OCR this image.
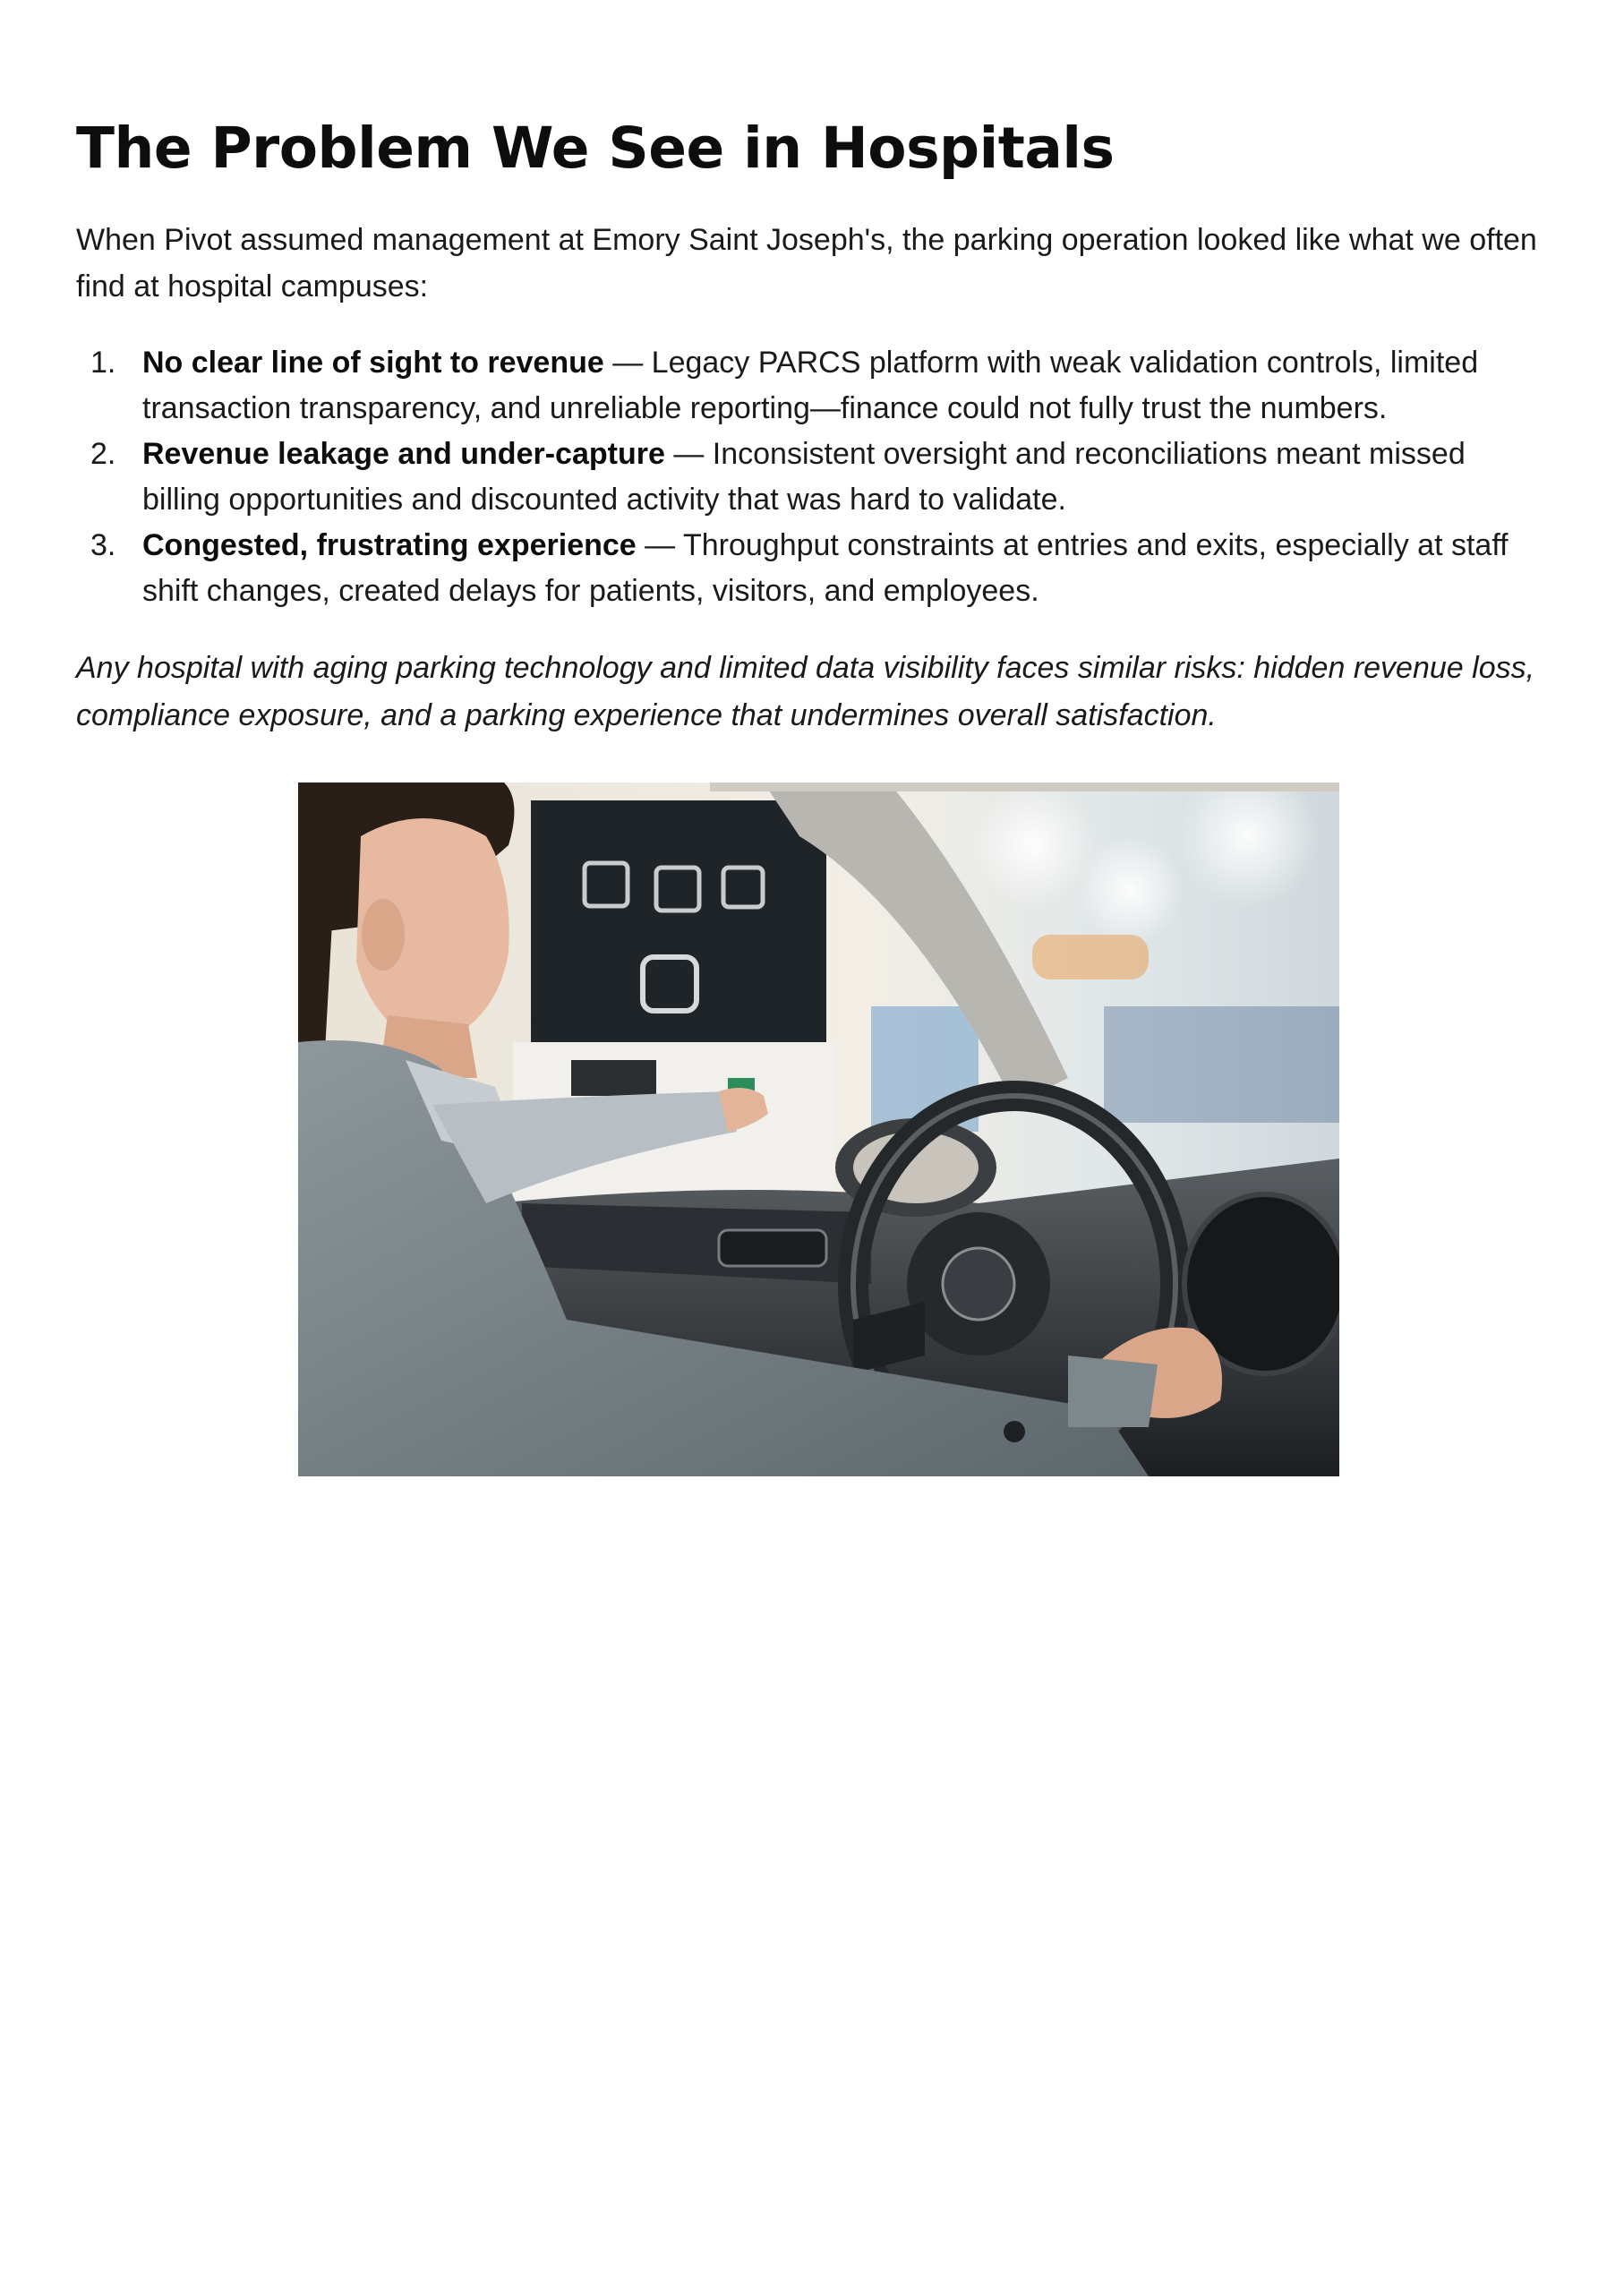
The Problem We See in Hospitals

When Pivot assumed management at Emory Saint Joseph's, the parking operation looked like what we often find at hospital campuses:

1. No clear line of sight to revenue — Legacy PARCS platform with weak validation controls, limited transaction transparency, and unreliable reporting—finance could not fully trust the numbers.
2. Revenue leakage and under-capture — Inconsistent oversight and reconciliations meant missed billing opportunities and discounted activity that was hard to validate.
3. Congested, frustrating experience — Throughput constraints at entries and exits, especially at staff shift changes, created delays for patients, visitors, and employees.

Any hospital with aging parking technology and limited data visibility faces similar risks: hidden revenue loss, compliance exposure, and a parking experience that undermines overall satisfaction.
